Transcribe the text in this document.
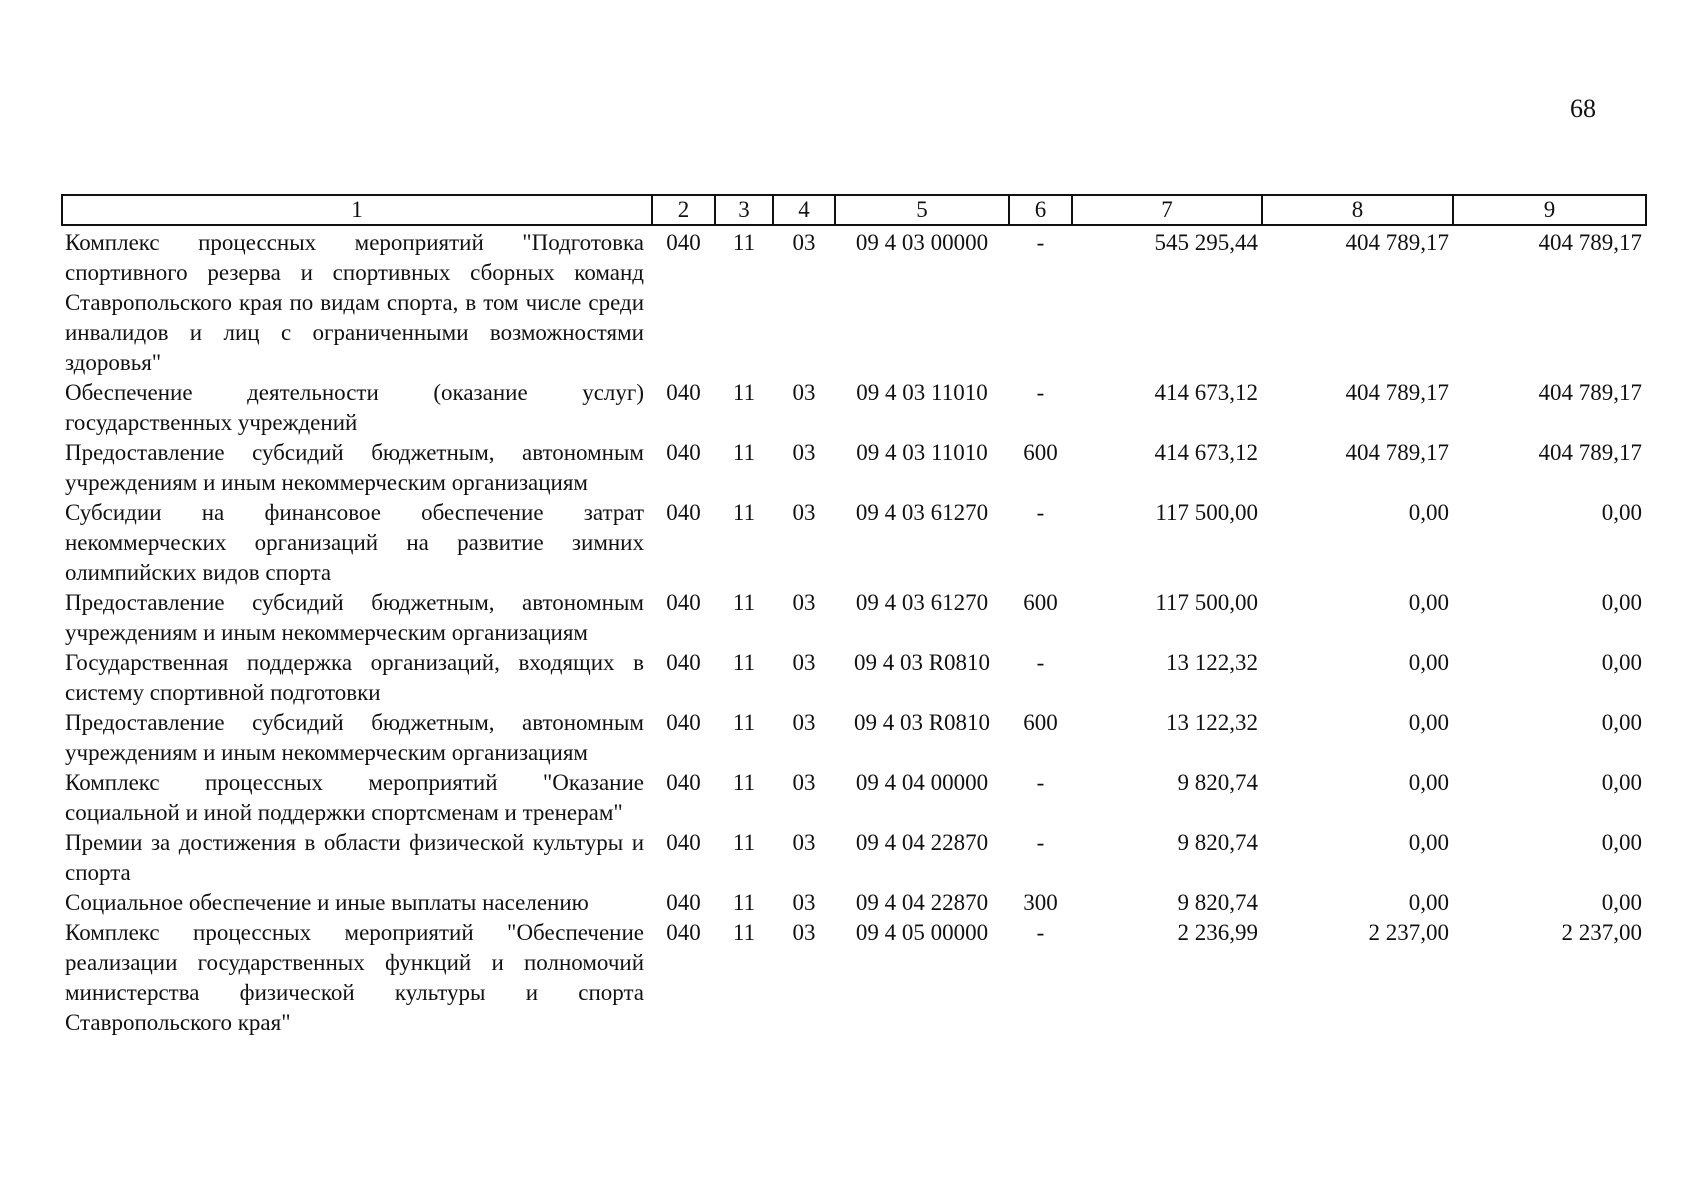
68
1	2	3	4	5	6	7	8	9
Комплекс процессных мероприятий "Подготовка спортивного резерва и спортивных сборных команд Ставропольского края по видам спорта, в том числе среди инвалидов и лиц с ограниченными возможностями здоровья"	040	11	03	09 4 03 00000	-	545 295,44	404 789,17	404 789,17
Обеспечение деятельности (оказание услуг) государственных учреждений	040	11	03	09 4 03 11010	-	414 673,12	404 789,17	404 789,17
Предоставление субсидий бюджетным, автономным учреждениям и иным некоммерческим организациям	040	11	03	09 4 03 11010	600	414 673,12	404 789,17	404 789,17
Субсидии на финансовое обеспечение затрат некоммерческих организаций на развитие зимних олимпийских видов спорта	040	11	03	09 4 03 61270	-	117 500,00	0,00	0,00
Предоставление субсидий бюджетным, автономным учреждениям и иным некоммерческим организациям	040	11	03	09 4 03 61270	600	117 500,00	0,00	0,00
Государственная поддержка организаций, входящих в систему спортивной подготовки	040	11	03	09 4 03 R0810	-	13 122,32	0,00	0,00
Предоставление субсидий бюджетным, автономным учреждениям и иным некоммерческим организациям	040	11	03	09 4 03 R0810	600	13 122,32	0,00	0,00
Комплекс процессных мероприятий "Оказание социальной и иной поддержки спортсменам и тренерам"	040	11	03	09 4 04 00000	-	9 820,74	0,00	0,00
Премии за достижения в области физической культуры и спорта	040	11	03	09 4 04 22870	-	9 820,74	0,00	0,00
Социальное обеспечение и иные выплаты населению	040	11	03	09 4 04 22870	300	9 820,74	0,00	0,00
Комплекс процессных мероприятий "Обеспечение реализации государственных функций и полномочий министерства физической культуры и спорта Ставропольского края"	040	11	03	09 4 05 00000	-	2 236,99	2 237,00	2 237,00
